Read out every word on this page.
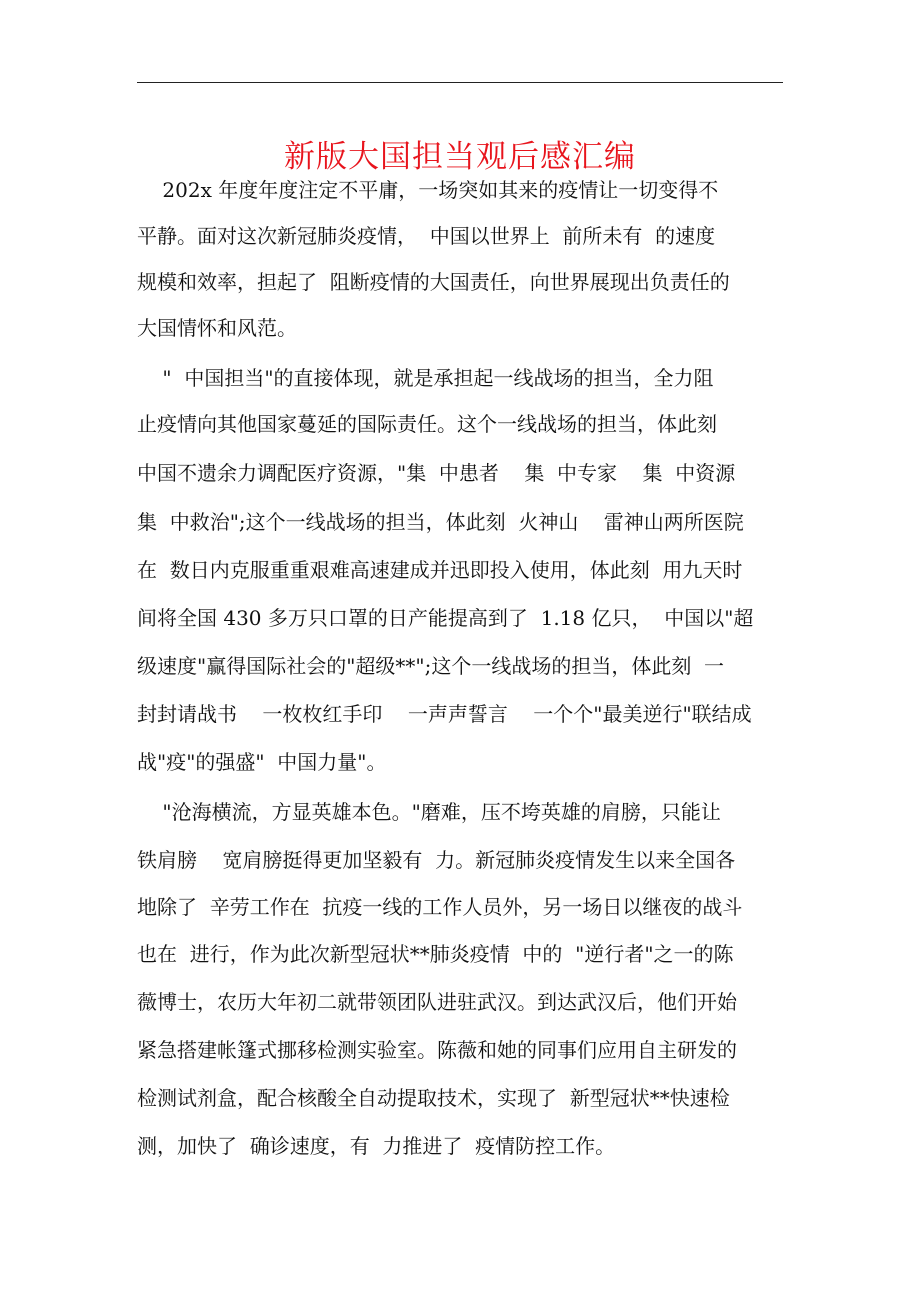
新版大国担当观后感汇编
202x 年度年度注定不平庸，一场突如其来的疫情让一切变得不
平静。面对这次新冠肺炎疫情，  中国以世界上  前所未有  的速度
规模和效率，担起了  阻断疫情的大国责任，向世界展现出负责任的
大国情怀和风范。
"  中国担当"的直接体现，就是承担起一线战场的担当，全力阻
止疫情向其他国家蔓延的国际责任。这个一线战场的担当，体此刻
中国不遗余力调配医疗资源，"集  中患者    集  中专家    集  中资源
集  中救治";这个一线战场的担当，体此刻  火神山    雷神山两所医院
在  数日内克服重重艰难高速建成并迅即投入使用，体此刻  用九天时
间将全国 430 多万只口罩的日产能提高到了  1.18 亿只，  中国以"超
级速度"赢得国际社会的"超级**";这个一线战场的担当，体此刻  一
封封请战书    一枚枚红手印    一声声誓言    一个个"最美逆行"联结成
战"疫"的强盛"  中国力量"。
"沧海横流，方显英雄本色。"磨难，压不垮英雄的肩膀，只能让
铁肩膀    宽肩膀挺得更加坚毅有  力。新冠肺炎疫情发生以来全国各
地除了  辛劳工作在  抗疫一线的工作人员外，另一场日以继夜的战斗
也在  进行，作为此次新型冠状**肺炎疫情  中的  "逆行者"之一的陈
薇博士，农历大年初二就带领团队进驻武汉。到达武汉后，他们开始
紧急搭建帐篷式挪移检测实验室。陈薇和她的同事们应用自主研发的
检测试剂盒，配合核酸全自动提取技术，实现了  新型冠状**快速检
测，加快了  确诊速度，有  力推进了  疫情防控工作。
